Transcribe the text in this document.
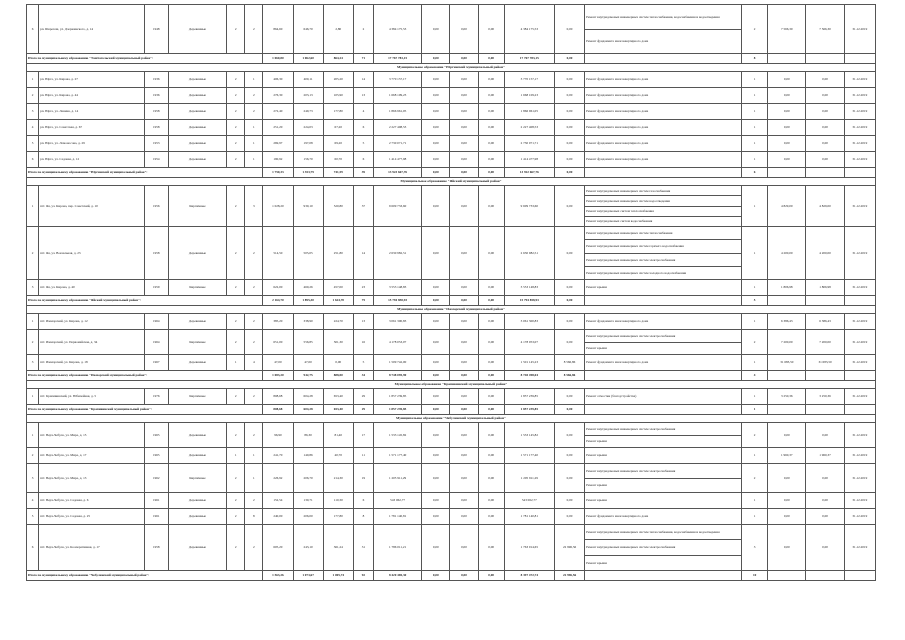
6	рп. Шерегеш, ул. Дзержинского, д. 14	1948	Деревянные	2	2	864,60	646,70	2,80	2	4 384 175,53	0,00	0,00	0,00	4 384 175,53	0,00	Ремонт внутридомовых инженерных систем теплоснабжения, водоснабжения и водоотведения
Ремонт фундамента многоквартирного дома	2	7 566,30	7 566,30	31.12.2019
Итого по муниципальному образованию "Таштагольский муниципальный район":						1 060,80	1 062,60	864,24	71	17 767 783,15	0,00	0,00	0,00	17 767 783,15	0,00		8			
Муниципальное образование "Юргинский муниципальный район"																				
1	рп. Юрга, ул. Кирова, д. 27	1936	Деревянные	2	1	406,30	400,11	205,20	14	3 770 157,17	0,00	0,00	0,00	3 770 157,17	0,00	Ремонт фундамента многоквартирного дома	1	0,00	0,00	31.12.2019
2	рп. Юрга, ул. Кирова, д. 44	1936	Деревянные	2	2	276,30	203,13	105,90	13	1 668 109,23	0,00	0,00	0,00	1 668 109,23	0,00	Ремонт фундамента многоквартирного дома	1	0,00	0,00	31.12.2019
3	рп. Юрга, ул. Ленина, д. 14	1958	Деревянные	2	2	272,40	249,73	177,80	4	1 866 961,05	0,00	0,00	0,00	1 866 961,05	0,00	Ремонт фундамента многоквартирного дома	1	0,00	0,00	31.12.2019
4	рп. Юрга, ул. Советская, д. 67	1958	Деревянные	2	1	251,20	224,03	67,20	6	2 227 408,53	0,00	0,00	0,00	2 227 408,53	0,00	Ремонт фундамента многоквартирного дома	1	0,00	0,00	31.12.2019
5	рп. Юрга, ул. Ломоносова, д. 29	1953	Деревянные	2	1	269,97	197,08	69,20	5	2 730 071,71	0,00	0,00	0,00	2 730 071,71	0,00	Ремонт фундамента многоквартирного дома	1	0,00	0,00	31.12.2019
6	рп. Юрга, ул. Садовая, д. 12	1954	Деревянные	2	1	190,92	156,70	60,70	6	1 414 477,98	0,00	0,00	0,00	1 414 477,98	0,00	Ремонт фундамента многоквартирного дома	1	0,00	0,00	31.12.2019
Итого по муниципальному образованию "Юргинский муниципальный район":						1 750,33	1 353,79	741,59	39	13 923 667,76	0,00	0,00	0,00	13 922 667,76	0,00		6			
Муниципальное образование "Яйский муниципальный район"																				
1	пгт. Яя, ул. Кирова, пер. Советский, д. 10	1956	Кирпичные	2	3	1 028,20	930,10	520,80	37	9 609 733,60	0,00	0,00	0,00	9 609 733,60	0,00	Ремонт внутридомовых инженерных систем газоснабжения
Ремонт внутридомовых инженерных систем водоотведения
Ремонт внутридомовых систем теплоснабжения
Ремонт внутридомовых систем водоснабжения	1	4 829,00	4 829,00	31.12.2019
2	пгт. Яя, ул. Вокзальная, д. 23	1958	Деревянные	2	2	514,50	505,05	251,80	14	2 630 982,51	0,00	0,00	0,00	2 630 982,51	0,00	Ремонт внутридомовых инженерных систем теплоснабжения
Ремонт внутридомовых инженерных систем горячего водоснабжения
Ремонт внутридомовых инженерных систем электроснабжения
Ремонт внутридомовых инженерных систем холодного водоснабжения	1	4 200,00	4 200,00	31.12.2019
3	пгт. Яя, ул. Кирова, д. 40	1959	Кирпичные	2	2	622,00	460,26	457,00	23	3 553 148,83	0,00	0,00	0,00	3 553 148,83	0,00	Ремонт крыши	1	1 806,98	1 806,98	31.12.2019
Итого по муниципальному образованию "Яйский муниципальный район":						2 164,70	1 895,30	1 624,70	75	15 794 858,93	0,00	0,00	0,00	15 794 858,93	0,00		5			
Муниципальное образование "Ижморский муниципальный район"																				
1	пгт. Ижморский, ул. Кирова, д. 12	1964	Деревянные	2	2	385,20	338,90	224,70	13	3 061 300,83	0,00	0,00	0,00	3 061 300,83	0,00	Ремонт фундамента многоквартирного дома	1	6 386,43	6 386,43	31.12.2019
2	пгт. Ижморский, ул. Первомайская, д. 34	1964	Кирпичные	2	2	651,00	556,85	501,30	16	4 178 053,07	0,00	0,00	0,00	4 178 053,07	0,00	Ремонт внутридомовых инженерных систем электроснабжения
Ремонт крыши	2	7 200,00	7 200,00	31.12.2019
3	пгт. Ижморский, ул. Кирова, д. 18	1967	Деревянные	1	4	47,00	47,00	0,00	5	1 509 742,00	0,00	0,00	0,00	1 501 145,23	8 566,86	Ремонт фундамента многоквартирного дома	1	31 683,50	31 683,50	31.12.2019
Итого по муниципальному образованию "Ижморский муниципальный район":						1 083,20	942,75	888,00	34	8 748 095,90	0,00	0,00	0,00	8 740 498,04	8 566,86		4			
Муниципальное образование "Крапивинский муниципальный район"																				
1	пгт. Крапивинский, ул. Юбилейная, д. 5	1976	Кирпичные	2	2	808,68	604,28	653,40	29	1 857 239,85	0,00	0,00	0,00	1 857 239,85	0,00	Ремонт отмостки (благоустройства)	1	3 250,36	3 250,36	31.12.2019
Итого по муниципальному образованию "Крапивинский муниципальный район":						808,68	604,28	653,40	29	1 857 239,85	0,00	0,00	0,00	1 857 239,85	0,00		1			
Муниципальное образование "Чебулинский муниципальный район"																				
1	пгт. Верх-Чебула, ул. Мира, д. 15	1965	Деревянные	2	2	96,90	86,30	81,40	17	1 533 145,82	0,00	0,00	0,00	1 533 145,82	0,00	Ремонт внутридомовых инженерных систем электроснабжения
Ремонт крыши	2	0,00	0,00	31.12.2019
2	пгт. Верх-Чебула, ул. Мира, д. 17	1965	Деревянные	1	1	241,70	140,86	40,70	11	1 571 177,40	0,00	0,00	0,00	1 571 177,40	0,00	Ремонт крыши	1	1 960,37	1 960,37	31.12.2019
3	пгт. Верх-Чебула, ул. Мира, д. 13	1962	Кирпичные	2	1	226,92	206,70	214,30	19	1 205 911,29	0,00	0,00	0,00	1 205 911,29	0,00	Ремонт внутридомовых инженерных систем электроснабжения
Ремонт крыши	2	0,00	0,00	31.12.2019
4	пгт. Верх-Чебула, ул. Садовая, д. 6	1961	Деревянные	2	2	152,54	130,71	110,30	6	543 062,77	0,00	0,00	0,00	543 062,77	0,00	Ремонт крыши	1	0,00	0,00	31.12.2019
5	пгт. Верх-Чебула, ул. Садовая, д. 25	1961	Деревянные	2	8	240,00	206,00	177,80	8	1 781 140,81	0,00	0,00	0,00	1 781 140,81	0,00	Ремонт фундамента многоквартирного дома	1	0,00	0,00	31.12.2019
6	пгт. Верх-Чебула, ул. Кооперативная, д. 17	1958	Деревянные	2	2	605,20	243,10	361,24	31	1 786 011,21	0,00	0,00	0,00	1 763 014,65	22 996,56	Ремонт внутридомовых инженерных систем теплоснабжения, водоснабжения и водоотведения
Ремонт внутридомовых инженерных систем электроснабжения
Ремонт крыши	3	0,00	0,00	31.12.2019
Итого по муниципальному образованию "Чебулинский муниципальный район":						1 563,26	1 073,67	1 005,74	92	8 420 469,30	0,00	0,00	0,00	8 397 472,74	22 996,56		10			
